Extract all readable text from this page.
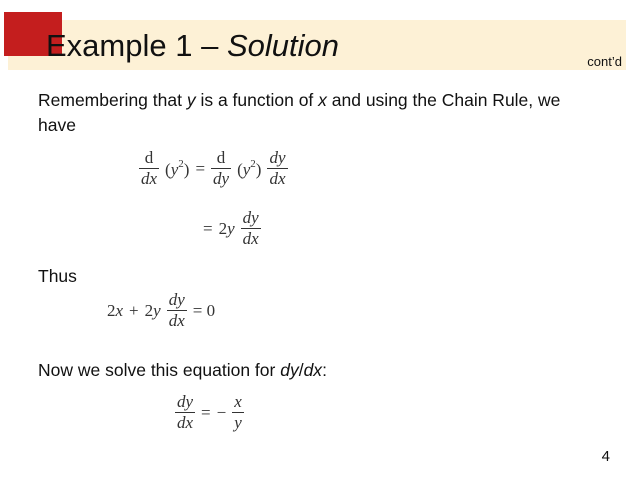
Example 1 – Solution	cont’d
Remembering that y is a function of x and using the Chain Rule, we have
$\frac{d}{dx} (y^2) = \frac{d}{dy} (y^2) \frac{dy}{dx}$
= $2y \frac{dy}{dx}$
Thus
$2x + 2y \frac{dy}{dx} = 0$
Now we solve this equation for dy/dx:
$\frac{dy}{dx}$ = − $\frac{x}{y}$
4
